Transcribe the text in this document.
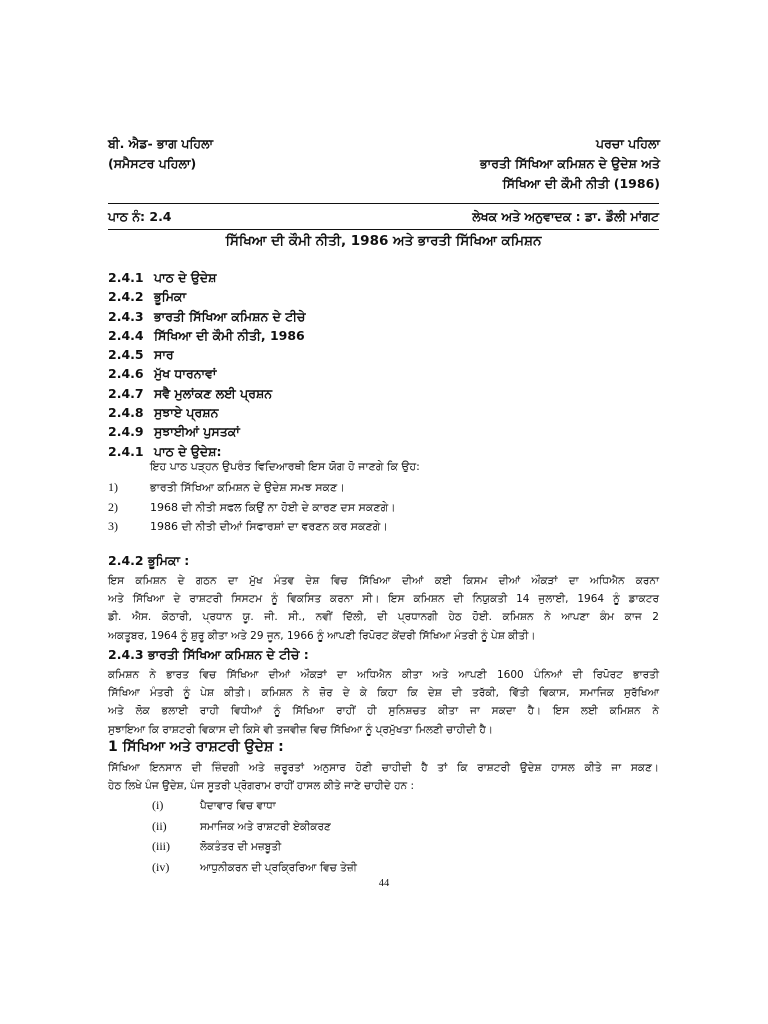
ਬੀ. ਐਡ- ਭਾਗ ਪਹਿਲਾ
(ਸਮੈਸਟਰ ਪਹਿਲਾ)
ਪਰਚਾ ਪਹਿਲਾ
ਭਾਰਤੀ ਸਿੱਖਿਆ ਕਮਿਸ਼ਨ ਦੇ ਉਦੇਸ਼ ਅਤੇ
ਸਿੱਖਿਆ ਦੀ ਕੌਮੀ ਨੀਤੀ (1986)
ਪਾਠ ਨੰ: 2.4	ਲੇਖਕ ਅਤੇ ਅਨੁਵਾਦਕ : ਡਾ. ਡੌਲੀ ਮਾਂਗਟ
ਸਿੱਖਿਆ ਦੀ ਕੌਮੀ ਨੀਤੀ, 1986 ਅਤੇ ਭਾਰਤੀ ਸਿੱਖਿਆ ਕਮਿਸ਼ਨ
2.4.1 ਪਾਠ ਦੇ ਉਦੇਸ਼
2.4.2 ਭੂਮਿਕਾ
2.4.3 ਭਾਰਤੀ ਸਿੱਖਿਆ ਕਮਿਸ਼ਨ ਦੇ ਟੀਚੇ
2.4.4 ਸਿੱਖਿਆ ਦੀ ਕੌਮੀ ਨੀਤੀ, 1986
2.4.5 ਸਾਰ
2.4.6 ਮੁੱਖ ਧਾਰਨਾਵਾਂ
2.4.7 ਸਵੈ ਮੁਲਾਂਕਣ ਲਈ ਪ੍ਰਸ਼ਨ
2.4.8 ਸੁਝਾਏ ਪ੍ਰਸ਼ਨ
2.4.9 ਸੁਝਾਈਆਂ ਪੁਸਤਕਾਂ
2.4.1 ਪਾਠ ਦੇ ਉਦੇਸ਼:
ਇਹ ਪਾਠ ਪੜ੍ਹਨ ਉਪਰੰਤ ਵਿਦਿਆਰਥੀ ਇਸ ਯੋਗ ਹੋ ਜਾਣਗੇ ਕਿ ਉਹ:
1)	ਭਾਰਤੀ ਸਿੱਖਿਆ ਕਮਿਸ਼ਨ ਦੇ ਉਦੇਸ਼ ਸਮਝ ਸਕਣ।
2)	1968 ਦੀ ਨੀਤੀ ਸਫਲ ਕਿਉਂ ਨਾ ਹੋਈ ਦੇ ਕਾਰਣ ਦਸ ਸਕਣਗੇ।
3)	1986 ਦੀ ਨੀਤੀ ਦੀਆਂ ਸਿਫਾਰਸ਼ਾਂ ਦਾ ਵਰਣਨ ਕਰ ਸਕਣਗੇ।
2.4.2 ਭੂਮਿਕਾ :
ਇਸ ਕਮਿਸ਼ਨ ਦੇ ਗਠਨ ਦਾ ਮੁੱਖ ਮੰਤਵ ਦੇਸ਼ ਵਿਚ ਸਿੱਖਿਆ ਦੀਆਂ ਕਈ ਕਿਸਮ ਦੀਆਂ ਔਕੜਾਂ ਦਾ ਅਧਿਐਨ ਕਰਨਾ
ਅਤੇ ਸਿੱਖਿਆ ਦੇ ਰਾਸ਼ਟਰੀ ਸਿਸਟਮ ਨੂੰ ਵਿਕਸਿਤ ਕਰਨਾ ਸੀ। ਇਸ ਕਮਿਸ਼ਨ ਦੀ ਨਿਯੁਕਤੀ 14 ਜੁਲਾਈ, 1964 ਨੂੰ ਡਾਕਟਰ
ਡੀ. ਐਸ. ਕੋਠਾਰੀ, ਪ੍ਰਧਾਨ ਯੂ. ਜੀ. ਸੀ., ਨਵੀਂ ਦਿੱਲੀ, ਦੀ ਪ੍ਰਧਾਨਗੀ ਹੇਠ ਹੋਈ. ਕਮਿਸ਼ਨ ਨੇ ਆਪਣਾ ਕੰਮ ਕਾਜ 2
ਅਕਤੂਬਰ, 1964 ਨੂੰ ਸ਼ੁਰੂ ਕੀਤਾ ਅਤੇ 29 ਜੂਨ, 1966 ਨੂੰ ਆਪਣੀ ਰਿਪੋਰਟ ਕੇਂਦਰੀ ਸਿੱਖਿਆ ਮੰਤਰੀ ਨੂੰ ਪੇਸ਼ ਕੀਤੀ।
2.4.3 ਭਾਰਤੀ ਸਿੱਖਿਆ ਕਮਿਸ਼ਨ ਦੇ ਟੀਚੇ :
ਕਮਿਸ਼ਨ ਨੇ ਭਾਰਤ ਵਿਚ ਸਿੱਖਿਆ ਦੀਆਂ ਔਕੜਾਂ ਦਾ ਅਧਿਐਨ ਕੀਤਾ ਅਤੇ ਆਪਣੀ 1600 ਪੰਨਿਆਂ ਦੀ ਰਿਪੋਰਟ ਭਾਰਤੀ
ਸਿੱਖਿਆ ਮੰਤਰੀ ਨੂੰ ਪੇਸ਼ ਕੀਤੀ। ਕਮਿਸ਼ਨ ਨੇ ਜ਼ੋਰ ਦੇ ਕੇ ਕਿਹਾ ਕਿ ਦੇਸ਼ ਦੀ ਤਰੱਕੀ, ਵਿੱਤੀ ਵਿਕਾਸ, ਸਮਾਜਿਕ ਸੁਰੱਖਿਆ
ਅਤੇ ਲੋਕ ਭਲਾਈ ਰਾਹੀ ਵਿਧੀਆਂ ਨੂੰ ਸਿੱਖਿਆ ਰਾਹੀਂ ਹੀ ਸੁਨਿਸ਼ਚਤ ਕੀਤਾ ਜਾ ਸਕਦਾ ਹੈ। ਇਸ ਲਈ ਕਮਿਸ਼ਨ ਨੇ
ਸੁਝਾਇਆ ਕਿ ਰਾਸ਼ਟਰੀ ਵਿਕਾਸ ਦੀ ਕਿਸੇ ਵੀ ਤਜਵੀਜ਼ ਵਿਚ ਸਿੱਖਿਆ ਨੂੰ ਪ੍ਰਮੁੱਖਤਾ ਮਿਲਣੀ ਚਾਹੀਦੀ ਹੈ।
1 ਸਿੱਖਿਆ ਅਤੇ ਰਾਸ਼ਟਰੀ ਉਦੇਸ਼ :
ਸਿੱਖਿਆ ਇਨਸਾਨ ਦੀ ਜ਼ਿੰਦਗੀ ਅਤੇ ਜ਼ਰੂਰਤਾਂ ਅਨੁਸਾਰ ਹੋਣੀ ਚਾਹੀਦੀ ਹੈ ਤਾਂ ਕਿ ਰਾਸ਼ਟਰੀ ਉਦੇਸ਼ ਹਾਸਲ ਕੀਤੇ ਜਾ ਸਕਣ।
ਹੇਠ ਲਿਖੇ ਪੰਜ ਉਦੇਸ਼, ਪੰਜ ਸੂਤਰੀ ਪ੍ਰੋਗਰਾਮ ਰਾਹੀਂ ਹਾਸਲ ਕੀਤੇ ਜਾਣੇ ਚਾਹੀਦੇ ਹਨ :
(i)	ਪੈਦਾਵਾਰ ਵਿਚ ਵਾਧਾ
(ii)	ਸਮਾਜਿਕ ਅਤੇ ਰਾਸ਼ਟਰੀ ਏਕੀਕਰਣ
(iii)	ਲੋਕਤੰਤਰ ਦੀ ਮਜ਼ਬੂਤੀ
(iv)	ਆਧੁਨੀਕਰਨ ਦੀ ਪ੍ਰਕ੍ਰਿਰਿਆ ਵਿਚ ਤੇਜ਼ੀ
44
